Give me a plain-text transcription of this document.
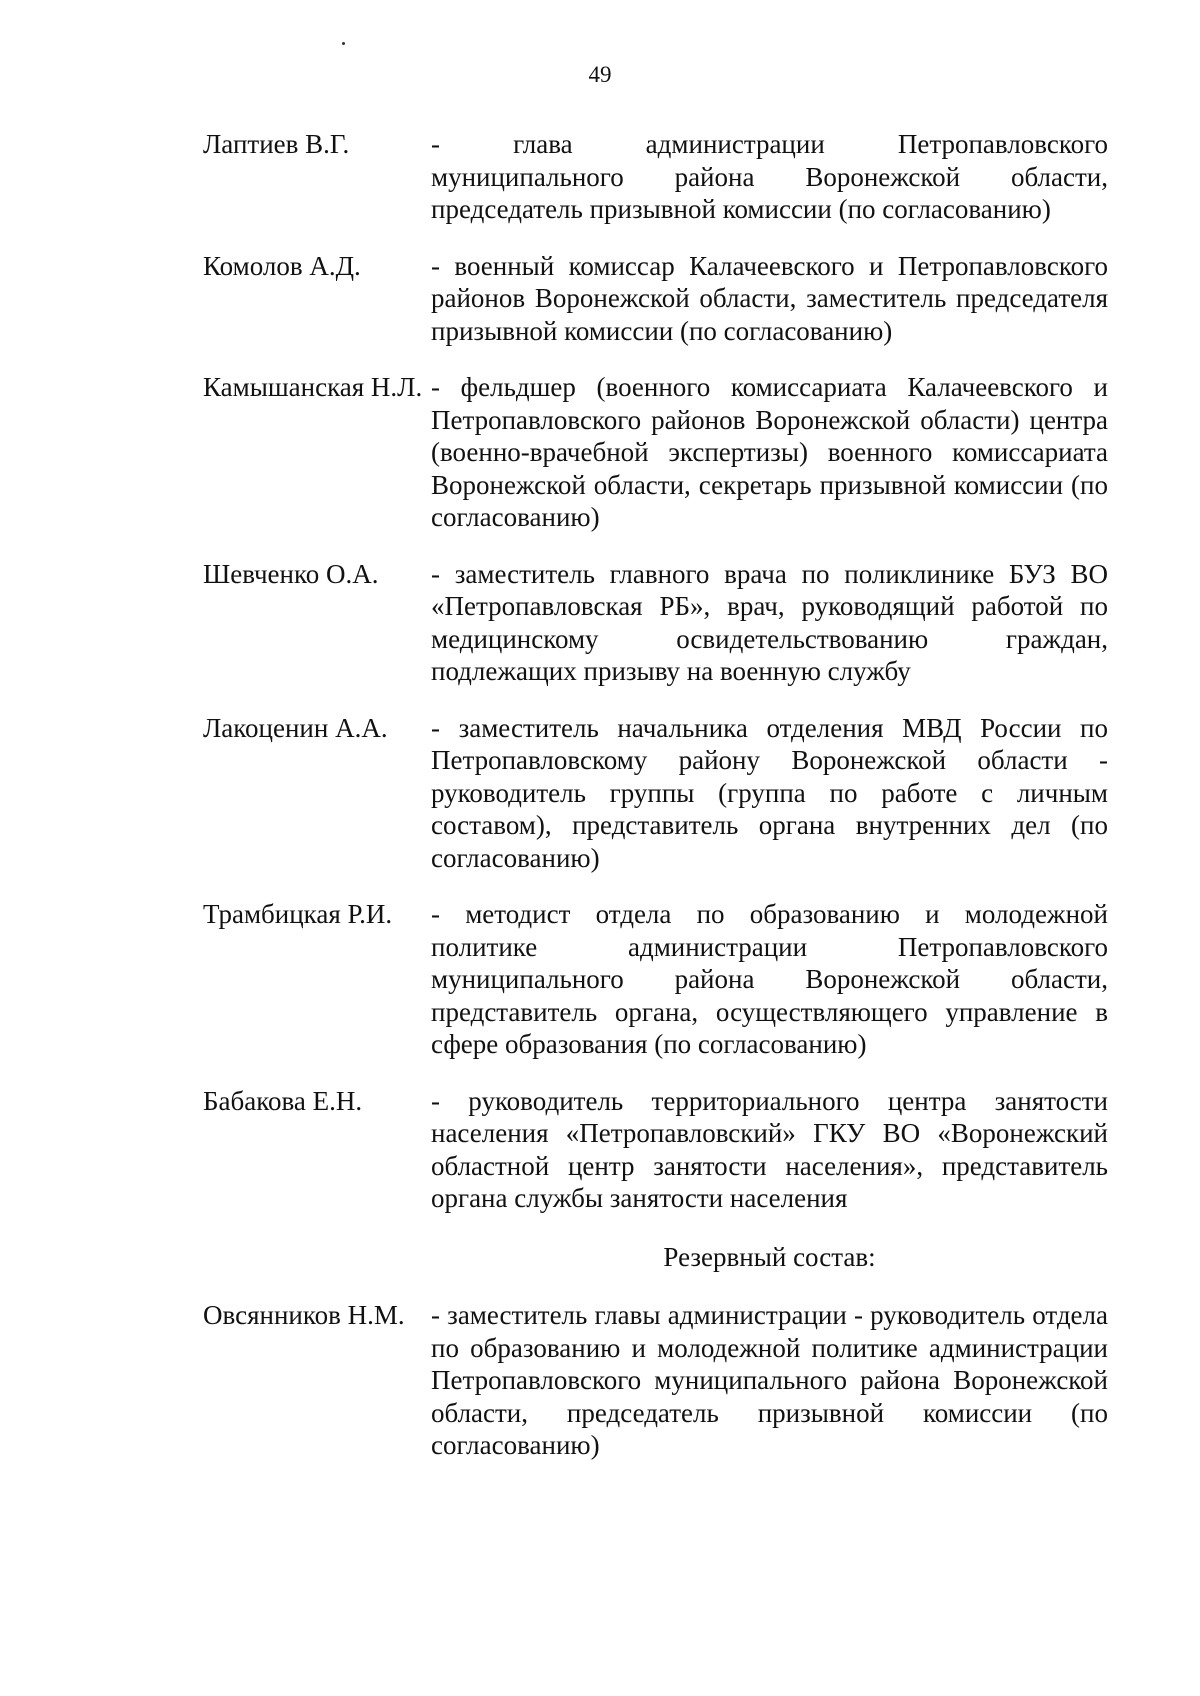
49
Лаптиев В.Г.	- глава администрации Петропавловского муниципального района Воронежской области, председатель призывной комиссии (по согласованию)
Комолов А.Д.	- военный комиссар Калачеевского и Петропавловского районов Воронежской области, заместитель председателя призывной комиссии (по согласованию)
Камышанская Н.Л. - фельдшер (военного комиссариата Калачеевского и Петропавловского районов Воронежской области) центра (военно-врачебной экспертизы) военного комиссариата Воронежской области, секретарь призывной комиссии (по согласованию)
Шевченко О.А.	- заместитель главного врача по поликлинике БУЗ ВО «Петропавловская РБ», врач, руководящий работой по медицинскому освидетельствованию граждан, подлежащих призыву на военную службу
Лакоценин А.А.	- заместитель начальника отделения МВД России по Петропавловскому району Воронежской области - руководитель группы (группа по работе с личным составом), представитель органа внутренних дел (по согласованию)
Трамбицкая Р.И.	- методист отдела по образованию и молодежной политике администрации Петропавловского муниципального района Воронежской области, представитель органа, осуществляющего управление в сфере образования (по согласованию)
Бабакова Е.Н.	- руководитель территориального центра занятости населения «Петропавловский» ГКУ ВО «Воронежский областной центр занятости населения», представитель органа службы занятости населения
Резервный состав:
Овсянников Н.М. - заместитель главы администрации - руководитель отдела по образованию и молодежной политике администрации Петропавловского муниципального района Воронежской области, председатель призывной комиссии (по согласованию)
